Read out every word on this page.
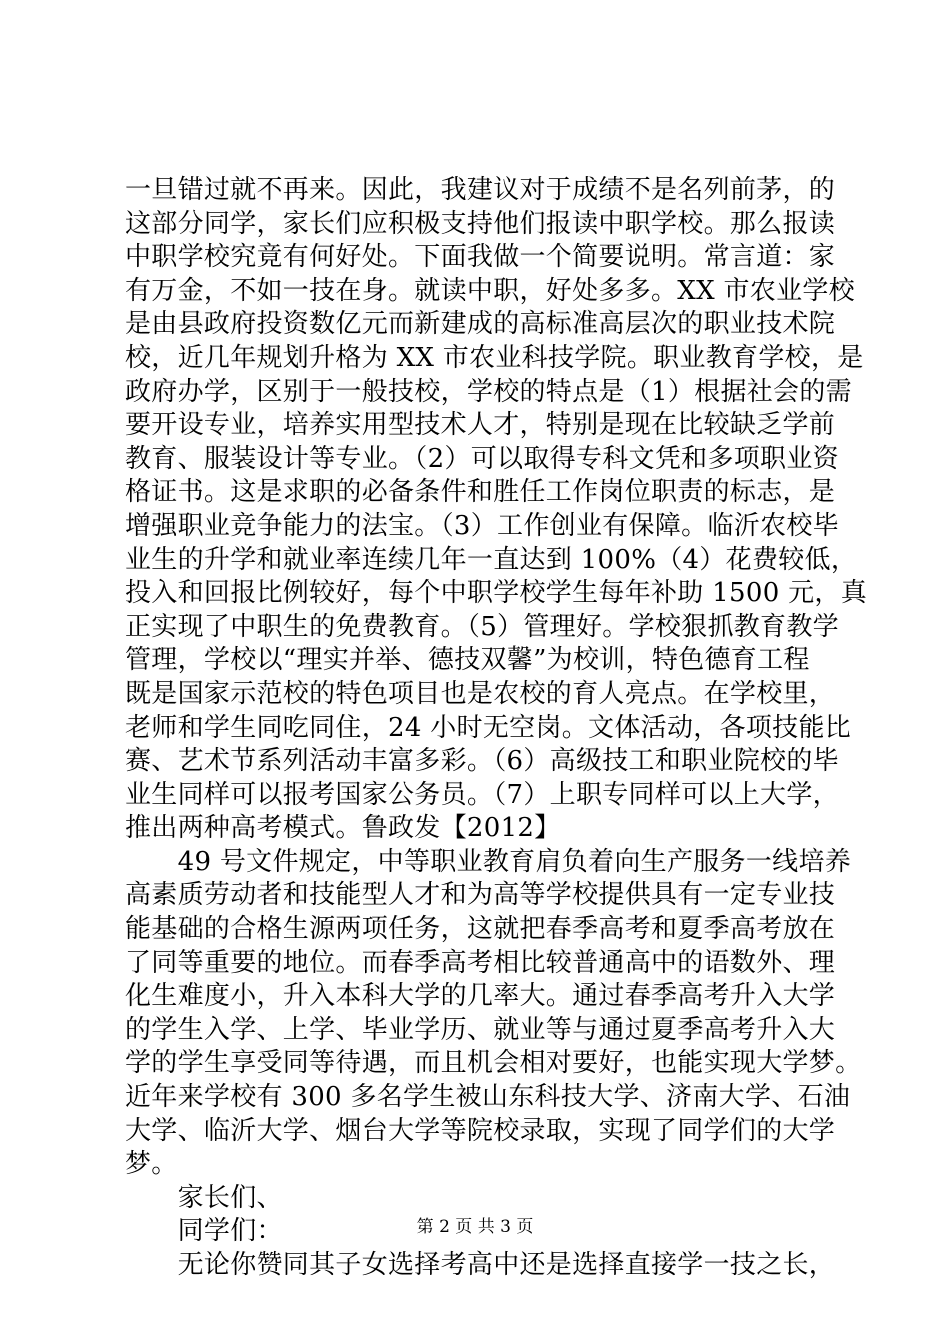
一旦错过就不再来。因此，我建议对于成绩不是名列前茅，的
这部分同学，家长们应积极支持他们报读中职学校。那么报读
中职学校究竟有何好处。下面我做一个简要说明。常言道：家
有万金，不如一技在身。就读中职，好处多多。XX 市农业学校
是由县政府投资数亿元而新建成的高标准高层次的职业技术院
校，近几年规划升格为 XX 市农业科技学院。职业教育学校，是
政府办学，区别于一般技校，学校的特点是（1）根据社会的需
要开设专业，培养实用型技术人才，特别是现在比较缺乏学前
教育、服装设计等专业。（2）可以取得专科文凭和多项职业资
格证书。这是求职的必备条件和胜任工作岗位职责的标志，是
增强职业竞争能力的法宝。（3）工作创业有保障。临沂农校毕
业生的升学和就业率连续几年一直达到 100%（4）花费较低，
投入和回报比例较好，每个中职学校学生每年补助 1500 元，真
正实现了中职生的免费教育。（5）管理好。学校狠抓教育教学
管理，学校以“理实并举、德技双馨”为校训，特色德育工程
既是国家示范校的特色项目也是农校的育人亮点。在学校里，
老师和学生同吃同住，24 小时无空岗。文体活动，各项技能比
赛、艺术节系列活动丰富多彩。（6）高级技工和职业院校的毕
业生同样可以报考国家公务员。（7）上职专同样可以上大学，
推出两种高考模式。鲁政发【2012】
　　49 号文件规定，中等职业教育肩负着向生产服务一线培养
高素质劳动者和技能型人才和为高等学校提供具有一定专业技
能基础的合格生源两项任务，这就把春季高考和夏季高考放在
了同等重要的地位。而春季高考相比较普通高中的语数外、理
化生难度小，升入本科大学的几率大。通过春季高考升入大学
的学生入学、上学、毕业学历、就业等与通过夏季高考升入大
学的学生享受同等待遇，而且机会相对要好，也能实现大学梦。
近年来学校有 300 多名学生被山东科技大学、济南大学、石油
大学、临沂大学、烟台大学等院校录取，实现了同学们的大学
梦。
　　家长们、
　　同学们：
　　无论你赞同其子女选择考高中还是选择直接学一技之长，
第 2 页 共 3 页
